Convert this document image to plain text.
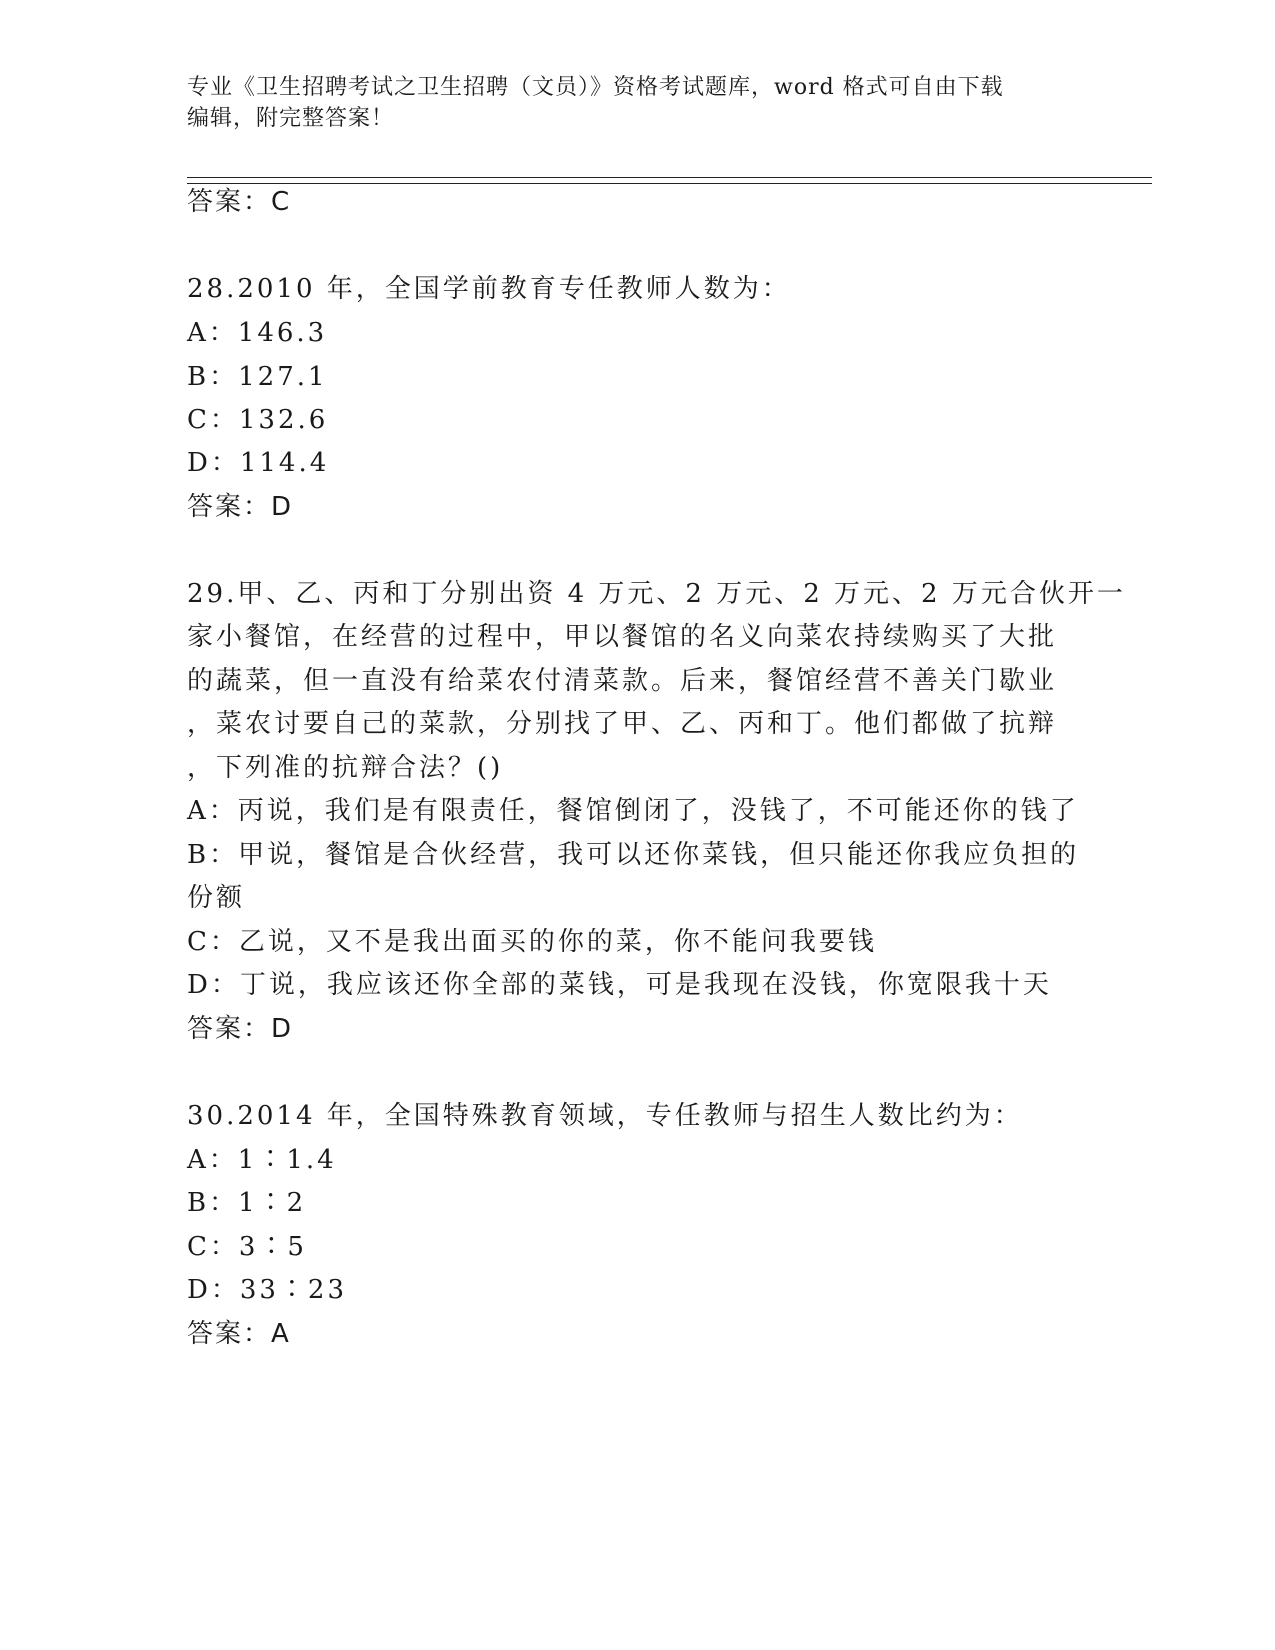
专业《卫生招聘考试之卫生招聘（文员）》资格考试题库，word 格式可自由下载
编辑，附完整答案！
答案：C
28.2010 年，全国学前教育专任教师人数为：
A：146.3
B：127.1
C：132.6
D：114.4
答案：D
29.甲、乙、丙和丁分别出资 4 万元、2 万元、2 万元、2 万元合伙开一
家小餐馆，在经营的过程中，甲以餐馆的名义向菜农持续购买了大批
的蔬菜，但一直没有给菜农付清菜款。后来，餐馆经营不善关门歇业
，菜农讨要自己的菜款，分别找了甲、乙、丙和丁。他们都做了抗辩
，下列准的抗辩合法？()
A：丙说，我们是有限责任，餐馆倒闭了，没钱了，不可能还你的钱了
B：甲说，餐馆是合伙经营，我可以还你菜钱，但只能还你我应负担的
份额
C：乙说，又不是我出面买的你的菜，你不能问我要钱
D：丁说，我应该还你全部的菜钱，可是我现在没钱，你宽限我十天
答案：D
30.2014 年，全国特殊教育领域，专任教师与招生人数比约为：
A：1∶1.4
B：1∶2
C：3∶5
D：33∶23
答案：A
